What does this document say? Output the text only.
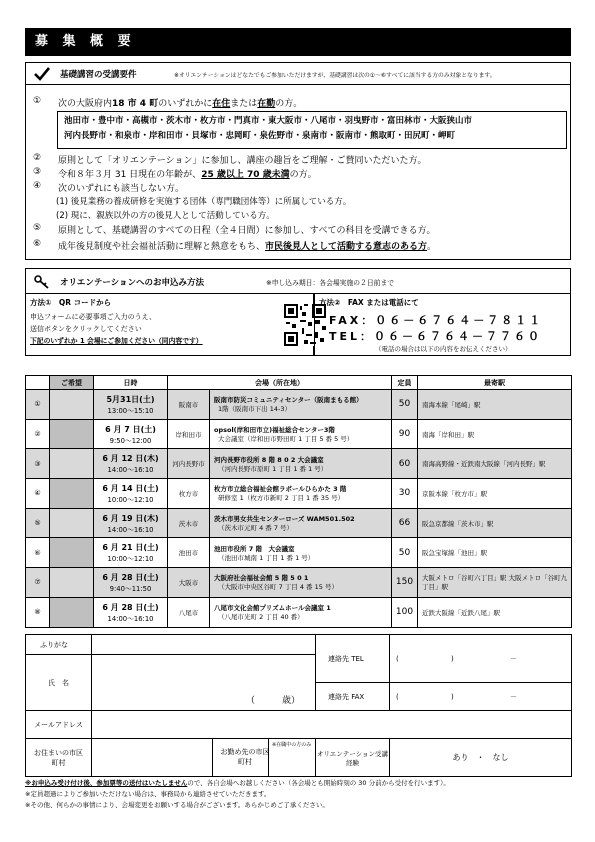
募 集 概 要
基礎講習の受講要件	※オリエンテーションはどなたでもご参加いただけますが、基礎講習は次の①～⑥すべてに該当する方のみ対象となります。
① 次の大阪府内18 市 4 町のいずれかに在住または在勤の方。
池田市・豊中市・高槻市・茨木市・枚方市・門真市・東大阪市・八尾市・羽曳野市・富田林市・大阪狭山市
河内長野市・和泉市・岸和田市・貝塚市・忠岡町・泉佐野市・泉南市・阪南市・熊取町・田尻町・岬町
② 原則として「オリエンテーション」に参加し、講座の趣旨をご理解・ご賛同いただいた方。
③ 令和８年３月 31 日現在の年齢が、25 歳以上 70 歳未満の方。
④ 次のいずれにも該当しない方。
(1) 後見業務の養成研修を実施する団体（専門職団体等）に所属している方。
(2) 現に、親族以外の方の後見人として活動している方。
⑤ 原則として、基礎講習のすべての日程（全４日間）に参加し、すべての科目を受講できる方。
⑥ 成年後見制度や社会福祉活動に理解と熱意をもち、市民後見人として活動する意志のある方。
オリエンテーションへのお申込み方法	※申し込み期日：各会場実施の２日前まで
方法①　QR コードから
申込フォームに必要事項ご入力のうえ、
送信ボタンをクリックしてください
下記のいずれか 1 会場にご参加ください（同内容です）
方法②　FAX または電話にて
FAX：０６－６７６４－７８１１
TEL：０６－６７６４－７７６０
（電話の場合は以下の内容をお伝えください）
	ご希望	日時	会場（所在地）		定員	最寄駅
①		5月31日(土)
13:00～15:10	阪南市	阪南市防災コミュニティセンター（阪南まもる館）
1階（阪南市下出 14-3）	50	南海本線「尾崎」駅
②		6 月 7 日(土)
9:50～12:00	岸和田市	opsol(岸和田市立)福祉総合センター3階
大会議室（岸和田市野田町 1 丁目 5 番 5 号）	90	南海「岸和田」駅
③		6 月 12 日(木)
14:00～16:10	河内長野市	河内長野市役所 8 階 8 0 2 大会議室
（河内長野市原町 1 丁目 1 番 1 号）	60	南海高野線・近鉄南大阪線「河内長野」駅
④		6 月 14 日(土)
10:00～12:10	枚方市	枚方市立総合福祉会館ラポールひらかた 3 階
研修室 1（枚方市新町 2 丁目 1 番 35 号）	30	京阪本線「枚方市」駅
⑤		6 月 19 日(木)
14:00～16:10	茨木市	茨木市男女共生センターローズ WAM501.502
（茨木市元町 4 番 7 号）	66	阪急京都線「茨木市」駅
⑥		6 月 21 日(土)
10:00～12:10	池田市	池田市役所 7 階　大会議室
（池田市城南 1 丁目 1 番 1 号）	50	阪急宝塚線「池田」駅
⑦		6 月 28 日(土)
9:40～11:50	大阪市	大阪府社会福祉会館 5 階 5 0 1
（大阪市中央区谷町 7 丁目 4 番 15 号）	150	大阪メトロ「谷町六丁目」駅 大阪メトロ「谷町九丁目」駅
⑧		6 月 28 日(土)
14:00～16:10	八尾市	八尾市文化会館プリズムホール会議室 1
（八尾市光町 2 丁目 40 番）	100	近鉄大阪線「近鉄八尾」駅
ふりがな		連絡先 TEL	( ) －
氏　名	（　　　歳）		

		連絡先 FAX	( ) －
メールアドレス			

お住まいの市区町村	お勤め先の市区町村
※在職中の方のみ	オリエンテーション受講経験	あり　・　なし
※お申込み受け付け後、参加票等の送付はいたしませんので、各自会場へお越しください（各会場とも開始時刻の 30 分前から受付を行います）。
※定員超過によりご参加いただけない場合は、事務局から連絡させていただきます。
※その他、何らかの事情により、会場変更をお願いする場合がございます。あらかじめご了承ください。
